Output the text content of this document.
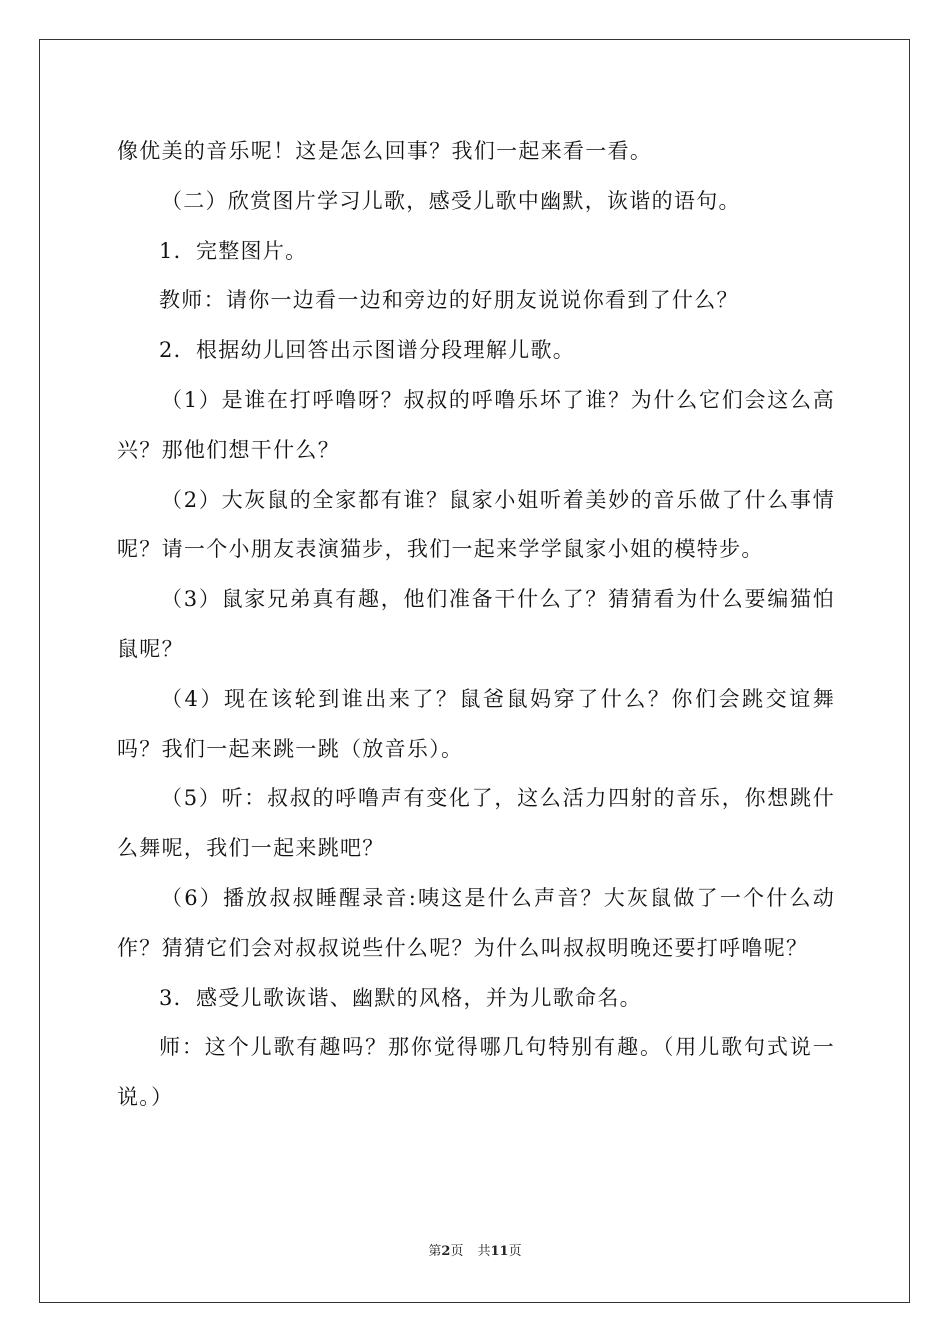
像优美的音乐呢！这是怎么回事？我们一起来看一看。

（二）欣赏图片学习儿歌，感受儿歌中幽默，诙谐的语句。

1．完整图片。

教师：请你一边看一边和旁边的好朋友说说你看到了什么？

2．根据幼儿回答出示图谱分段理解儿歌。

（1）是谁在打呼噜呀？叔叔的呼噜乐坏了谁？为什么它们会这么高兴？那他们想干什么？

（2）大灰鼠的全家都有谁？鼠家小姐听着美妙的音乐做了什么事情呢？请一个小朋友表演猫步，我们一起来学学鼠家小姐的模特步。

（3）鼠家兄弟真有趣，他们准备干什么了？猜猜看为什么要编猫怕鼠呢？

（4）现在该轮到谁出来了？鼠爸鼠妈穿了什么？你们会跳交谊舞吗？我们一起来跳一跳（放音乐）。

（5）听：叔叔的呼噜声有变化了，这么活力四射的音乐，你想跳什么舞呢，我们一起来跳吧？

（6）播放叔叔睡醒录音:咦这是什么声音？大灰鼠做了一个什么动作？猜猜它们会对叔叔说些什么呢？为什么叫叔叔明晚还要打呼噜呢？

3．感受儿歌诙谐、幽默的风格，并为儿歌命名。

师：这个儿歌有趣吗？那你觉得哪几句特别有趣。（用儿歌句式说一说。）

第2页 共11页
